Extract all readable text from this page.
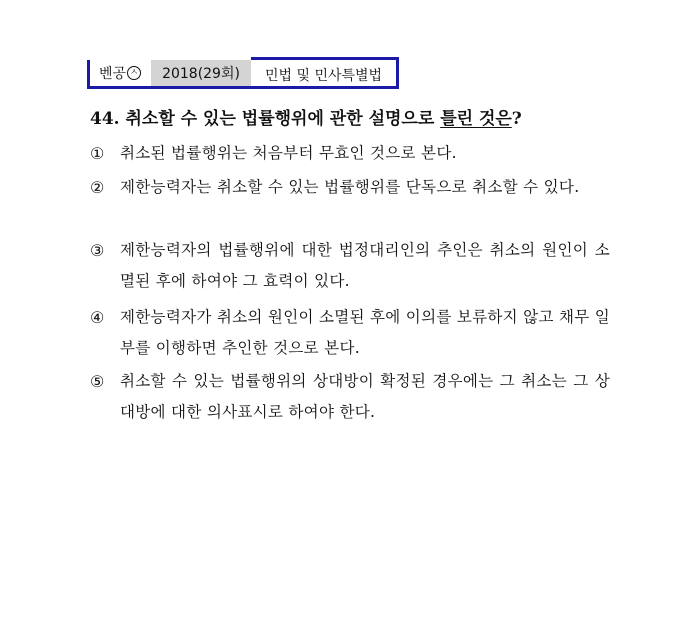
벤공 ㅅ	2018(29회)	민법 및 민사특별법
44. 취소할 수 있는 법률행위에 관한 설명으로 틀린 것은?
①	취소된 법률행위는 처음부터 무효인 것으로 본다.
②	제한능력자는 취소할 수 있는 법률행위를 단독으로 취소할 수 있다.
③	제한능력자의 법률행위에 대한 법정대리인의 추인은 취소의 원인이 소멸된 후에 하여야 그 효력이 있다.
④	제한능력자가 취소의 원인이 소멸된 후에 이의를 보류하지 않고 채무 일부를 이행하면 추인한 것으로 본다.
⑤	취소할 수 있는 법률행위의 상대방이 확정된 경우에는 그 취소는 그 상대방에 대한 의사표시로 하여야 한다.
